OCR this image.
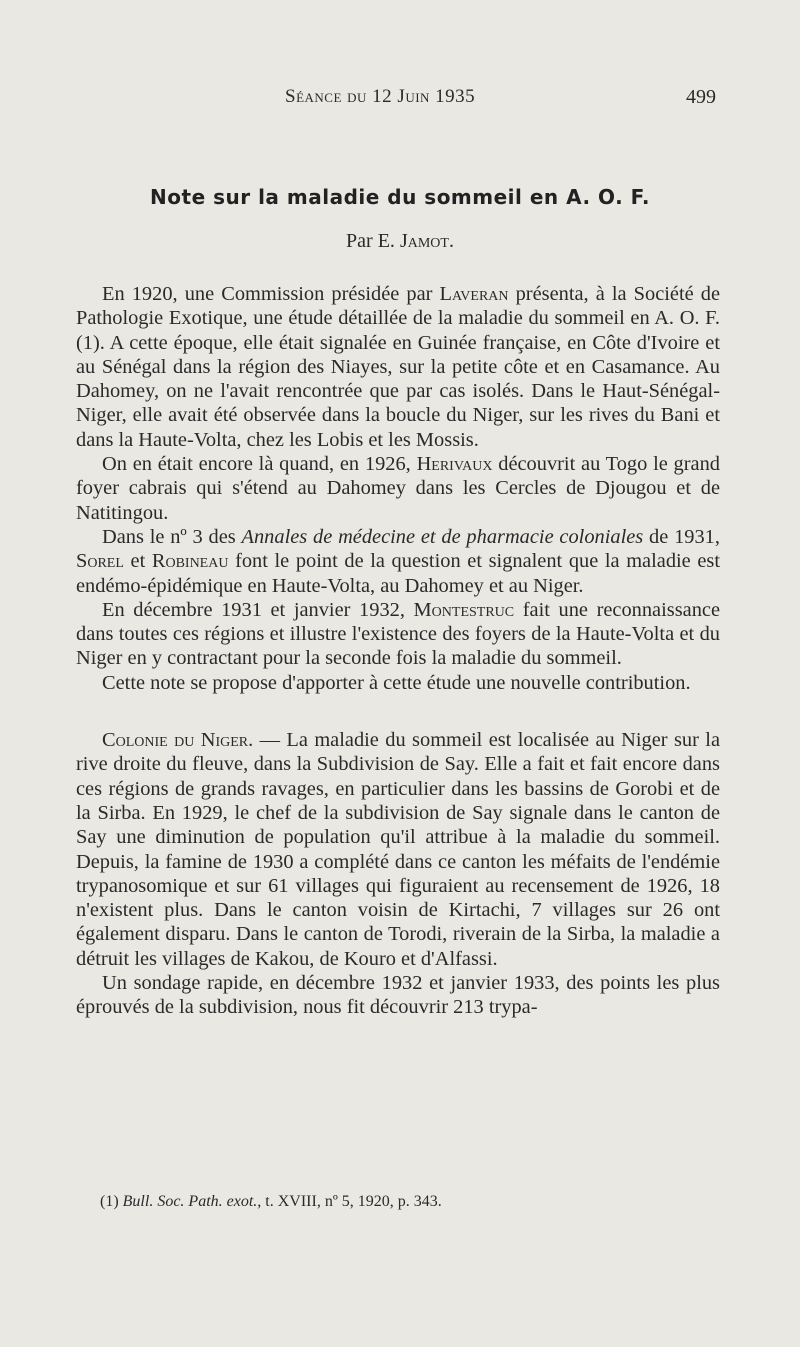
Séance du 12 Juin 1935	499
Note sur la maladie du sommeil en A. O. F.
Par E. Jamot.

En 1920, une Commission présidée par Laveran présenta, à la Société de Pathologie Exotique, une étude détaillée de la maladie du sommeil en A. O. F. (1). A cette époque, elle était signalée en Guinée française, en Côte d'Ivoire et au Sénégal dans la région des Niayes, sur la petite côte et en Casamance. Au Dahomey, on ne l'avait rencontrée que par cas isolés. Dans le Haut-Sénégal-Niger, elle avait été observée dans la boucle du Niger, sur les rives du Bani et dans la Haute-Volta, chez les Lobis et les Mossis.

On en était encore là quand, en 1926, Herivaux découvrit au Togo le grand foyer cabrais qui s'étend au Dahomey dans les Cercles de Djougou et de Natitingou.

Dans le nº 3 des Annales de médecine et de pharmacie coloniales de 1931, Sorel et Robineau font le point de la question et signalent que la maladie est endémo-épidémique en Haute-Volta, au Dahomey et au Niger.

En décembre 1931 et janvier 1932, Montestruc fait une reconnaissance dans toutes ces régions et illustre l'existence des foyers de la Haute-Volta et du Niger en y contractant pour la seconde fois la maladie du sommeil.

Cette note se propose d'apporter à cette étude une nouvelle contribution.

Colonie du Niger. — La maladie du sommeil est localisée au Niger sur la rive droite du fleuve, dans la Subdivision de Say. Elle a fait et fait encore dans ces régions de grands ravages, en particulier dans les bassins de Gorobi et de la Sirba. En 1929, le chef de la subdivision de Say signale dans le canton de Say une diminution de population qu'il attribue à la maladie du sommeil. Depuis, la famine de 1930 a complété dans ce canton les méfaits de l'endémie trypanosomique et sur 61 villages qui figuraient au recensement de 1926, 18 n'existent plus. Dans le canton voisin de Kirtachi, 7 villages sur 26 ont également disparu. Dans le canton de Torodi, riverain de la Sirba, la maladie a détruit les villages de Kakou, de Kouro et d'Alfassi.

Un sondage rapide, en décembre 1932 et janvier 1933, des points les plus éprouvés de la subdivision, nous fit découvrir 213 trypa-

(1) Bull. Soc. Path. exot., t. XVIII, nº 5, 1920, p. 343.
